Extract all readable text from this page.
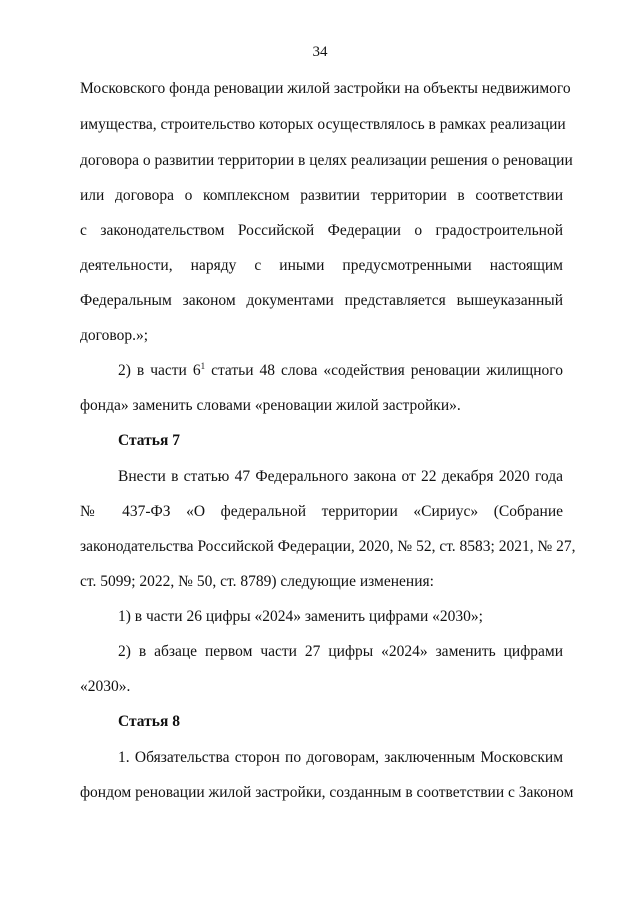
34
Московского фонда реновации жилой застройки на объекты недвижимого
имущества, строительство которых осуществлялось в рамках реализации
договора о развитии территории в целях реализации решения о реновации
или договора о комплексном развитии территории в соответствии
с законодательством Российской Федерации о градостроительной
деятельности, наряду с иными предусмотренными настоящим
Федеральным законом документами представляется вышеуказанный
договор.»;
2) в части $6^1$ статьи 48 слова «содействия реновации жилищного
фонда» заменить словами «реновации жилой застройки».
Статья 7
Внести в статью 47 Федерального закона от 22 декабря 2020 года
№ 437-ФЗ «О федеральной территории «Сириус» (Собрание
законодательства Российской Федерации, 2020, № 52, ст. 8583; 2021, № 27,
ст. 5099; 2022, № 50, ст. 8789) следующие изменения:
1) в части 26 цифры «2024» заменить цифрами «2030»;
2) в абзаце первом части 27 цифры «2024» заменить цифрами
«2030».
Статья 8
1. Обязательства сторон по договорам, заключенным Московским
фондом реновации жилой застройки, созданным в соответствии с Законом
